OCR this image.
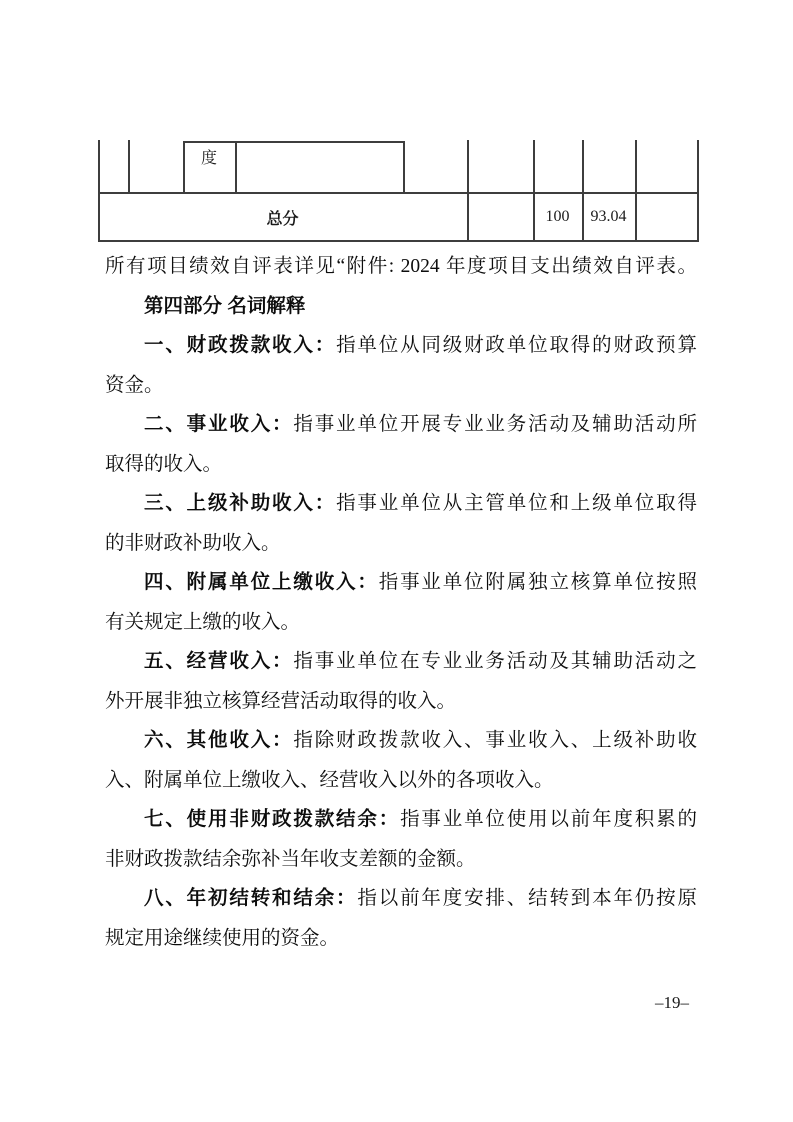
度
总分	100	93.04
所有项目绩效自评表详见“附件: 2024 年度项目支出绩效自评表。
第四部分 名词解释
一、财政拨款收入：指单位从同级财政单位取得的财政预算
资金。
二、事业收入：指事业单位开展专业业务活动及辅助活动所
取得的收入。
三、上级补助收入：指事业单位从主管单位和上级单位取得
的非财政补助收入。
四、附属单位上缴收入：指事业单位附属独立核算单位按照
有关规定上缴的收入。
五、经营收入：指事业单位在专业业务活动及其辅助活动之
外开展非独立核算经营活动取得的收入。
六、其他收入：指除财政拨款收入、事业收入、上级补助收
入、附属单位上缴收入、经营收入以外的各项收入。
七、使用非财政拨款结余：指事业单位使用以前年度积累的
非财政拨款结余弥补当年收支差额的金额。
八、年初结转和结余：指以前年度安排、结转到本年仍按原
规定用途继续使用的资金。
–19–
